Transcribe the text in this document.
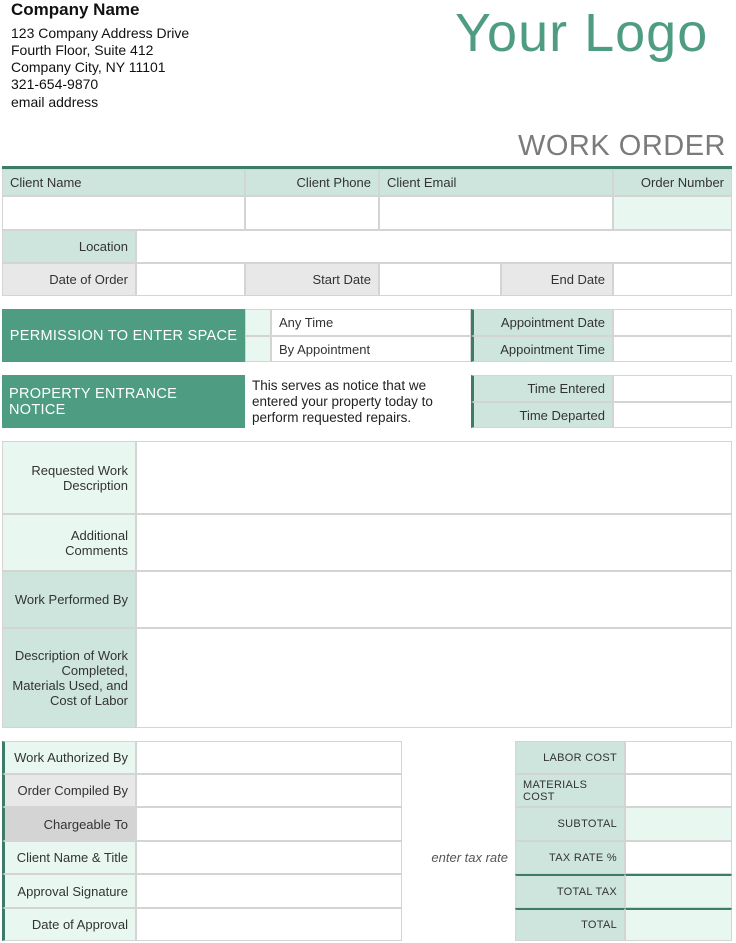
Company Name
123 Company Address Drive
Fourth Floor, Suite 412
Company City, NY 11101
321-654-9870
email address
Your Logo
WORK ORDER
Client Name	Client Phone	Client Email	Order Number
Location
Date of Order	Start Date	End Date
PERMISSION TO ENTER SPACE
Any Time
By Appointment
Appointment Date
Appointment Time
PROPERTY ENTRANCE NOTICE
This serves as notice that we entered your property today to perform requested repairs.
Time Entered
Time Departed
Requested Work Description
Additional Comments
Work Performed By
Description of Work Completed, Materials Used, and Cost of Labor
Work Authorized By
Order Compiled By
Chargeable To
Client Name & Title
Approval Signature
Date of Approval
enter tax rate
LABOR COST
MATERIALS COST
SUBTOTAL
TAX RATE %
TOTAL TAX
TOTAL
